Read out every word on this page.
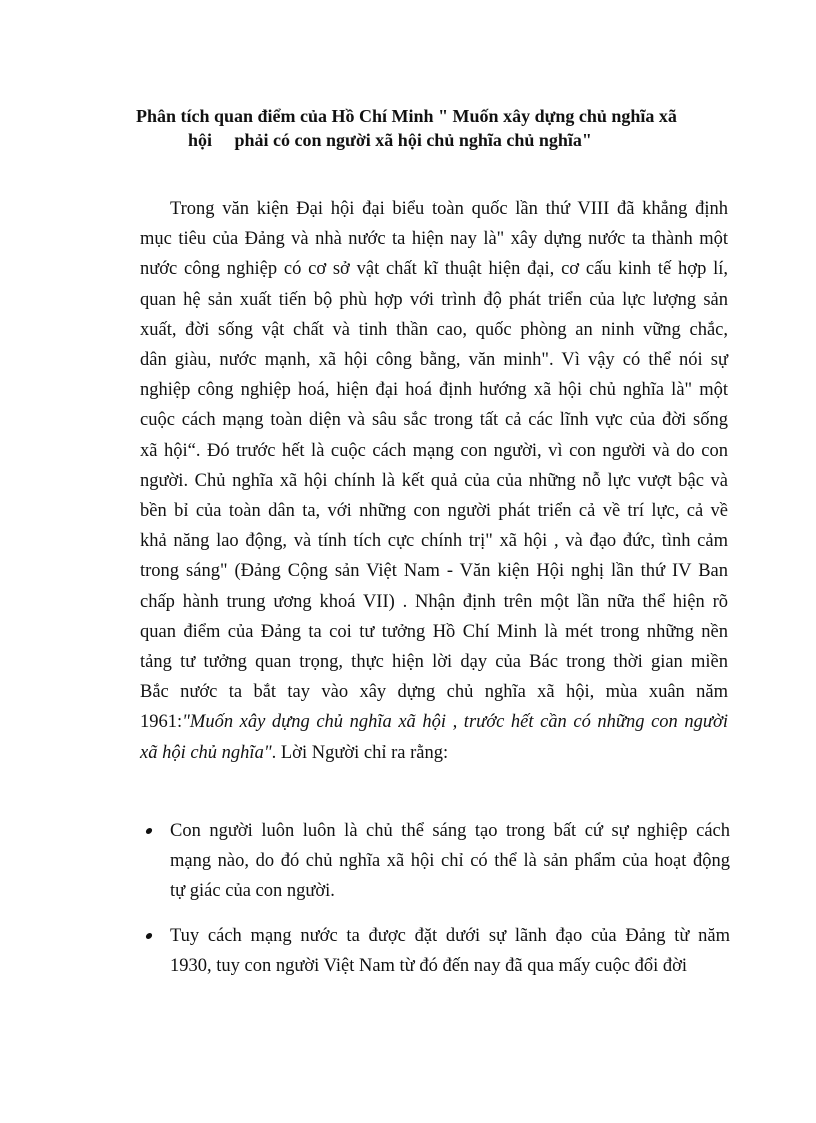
Phân tích quan điểm của Hồ Chí Minh " Muốn xây dựng chủ nghĩa xã
hội     phải có con người xã hội chủ nghĩa chủ nghĩa"
Trong văn kiện Đại hội đại biểu toàn quốc lần thứ VIII đã khẳng định
mục tiêu của Đảng và nhà nước ta hiện nay là" xây dựng nước ta thành một
nước công nghiệp có cơ sở vật chất kĩ thuật hiện đại, cơ cấu kinh tế hợp lí,
quan hệ sản xuất tiến bộ phù hợp với trình độ phát triển của lực lượng sản
xuất, đời sống vật chất và tinh thần cao, quốc phòng an ninh vững chắc,
dân giàu, nước mạnh, xã hội công bằng, văn minh". Vì vậy có thể nói sự
nghiệp công nghiệp hoá, hiện đại hoá định hướng xã hội chủ nghĩa là" một
cuộc cách mạng toàn diện và sâu sắc trong tất cả các lĩnh vực của đời sống
xã hội“. Đó trước hết là cuộc cách mạng con người, vì con người và do con
người. Chủ nghĩa xã hội chính là kết quả của của những nỗ lực vượt bậc và
bền bỉ của toàn dân ta, với những con người phát triển cả về trí lực, cả về
khả năng lao động, và tính tích cực chính trị" xã hội , và đạo đức, tình cảm
trong sáng" (Đảng Cộng sản Việt Nam - Văn kiện Hội nghị lần thứ IV Ban
chấp hành trung ương khoá VII) . Nhận định trên một lần nữa thể hiện rõ
quan điểm của Đảng ta coi tư tưởng Hồ Chí Minh là mét trong những nền
tảng tư tưởng quan trọng, thực hiện lời dạy của Bác trong thời gian miền
Bắc nước ta bắt tay vào xây dựng chủ nghĩa xã hội, mùa xuân năm
1961:"Muốn xây dựng chủ nghĩa xã hội , trước hết cần có những con người
xã hội chủ nghĩa". Lời Người chỉ ra rằng:
Con người luôn luôn là chủ thể sáng tạo trong bất cứ sự nghiệp cách
mạng nào, do đó chủ nghĩa xã hội chỉ có thể là sản phẩm của hoạt động
tự giác của con người.
Tuy cách mạng nước ta được đặt dưới sự lãnh đạo của Đảng từ năm
1930, tuy con người Việt Nam từ đó đến nay đã qua mấy cuộc đổi đời
